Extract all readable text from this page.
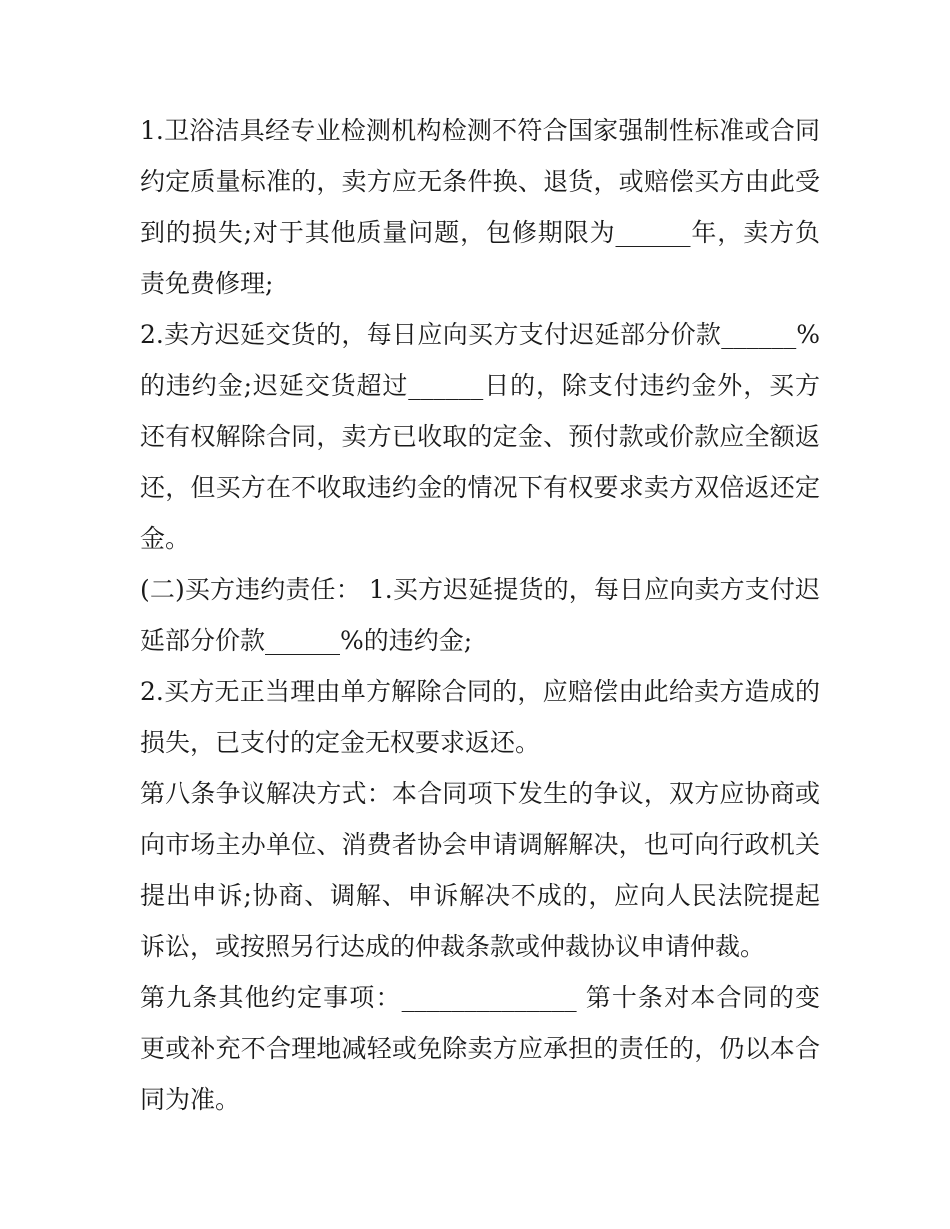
1.卫浴洁具经专业检测机构检测不符合国家强制性标准或合同约定质量标准的，卖方应无条件换、退货，或赔偿买方由此受到的损失;对于其他质量问题，包修期限为______年，卖方负责免费修理;

2.卖方迟延交货的，每日应向买方支付迟延部分价款______%的违约金;迟延交货超过______日的，除支付违约金外，买方还有权解除合同，卖方已收取的定金、预付款或价款应全额返还，但买方在不收取违约金的情况下有权要求卖方双倍返还定金。

(二)买方违约责任： 1.买方迟延提货的，每日应向卖方支付迟延部分价款______%的违约金;

2.买方无正当理由单方解除合同的，应赔偿由此给卖方造成的损失，已支付的定金无权要求返还。

第八条争议解决方式：本合同项下发生的争议，双方应协商或向市场主办单位、消费者协会申请调解解决，也可向行政机关提出申诉;协商、调解、申诉解决不成的，应向人民法院提起诉讼，或按照另行达成的仲裁条款或仲裁协议申请仲裁。

第九条其他约定事项：______________ 第十条对本合同的变更或补充不合理地减轻或免除卖方应承担的责任的，仍以本合同为准。
